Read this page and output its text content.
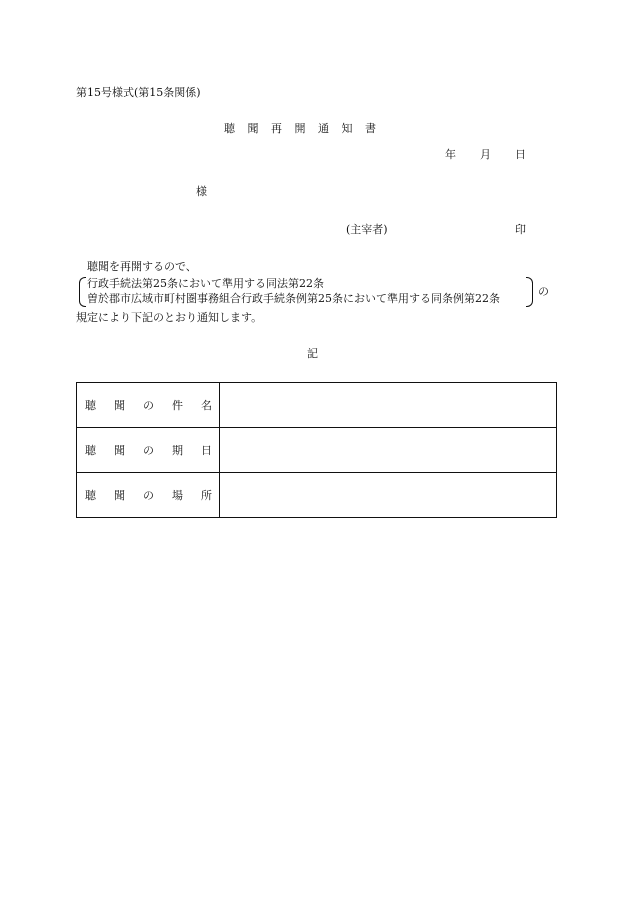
第15号様式(第15条関係)
聴聞再開通知書
年 月 日
様
(主宰者)	印
聴聞を再開するので、
行政手続法第25条において準用する同法第22条
曽於郡市広域市町村圏事務組合行政手続条例第25条において準用する同条例第22条
の
規定により下記のとおり通知します。
記
聴 聞 の 件 名	

聴 聞 の 期 日	

聴 聞 の 場 所	
